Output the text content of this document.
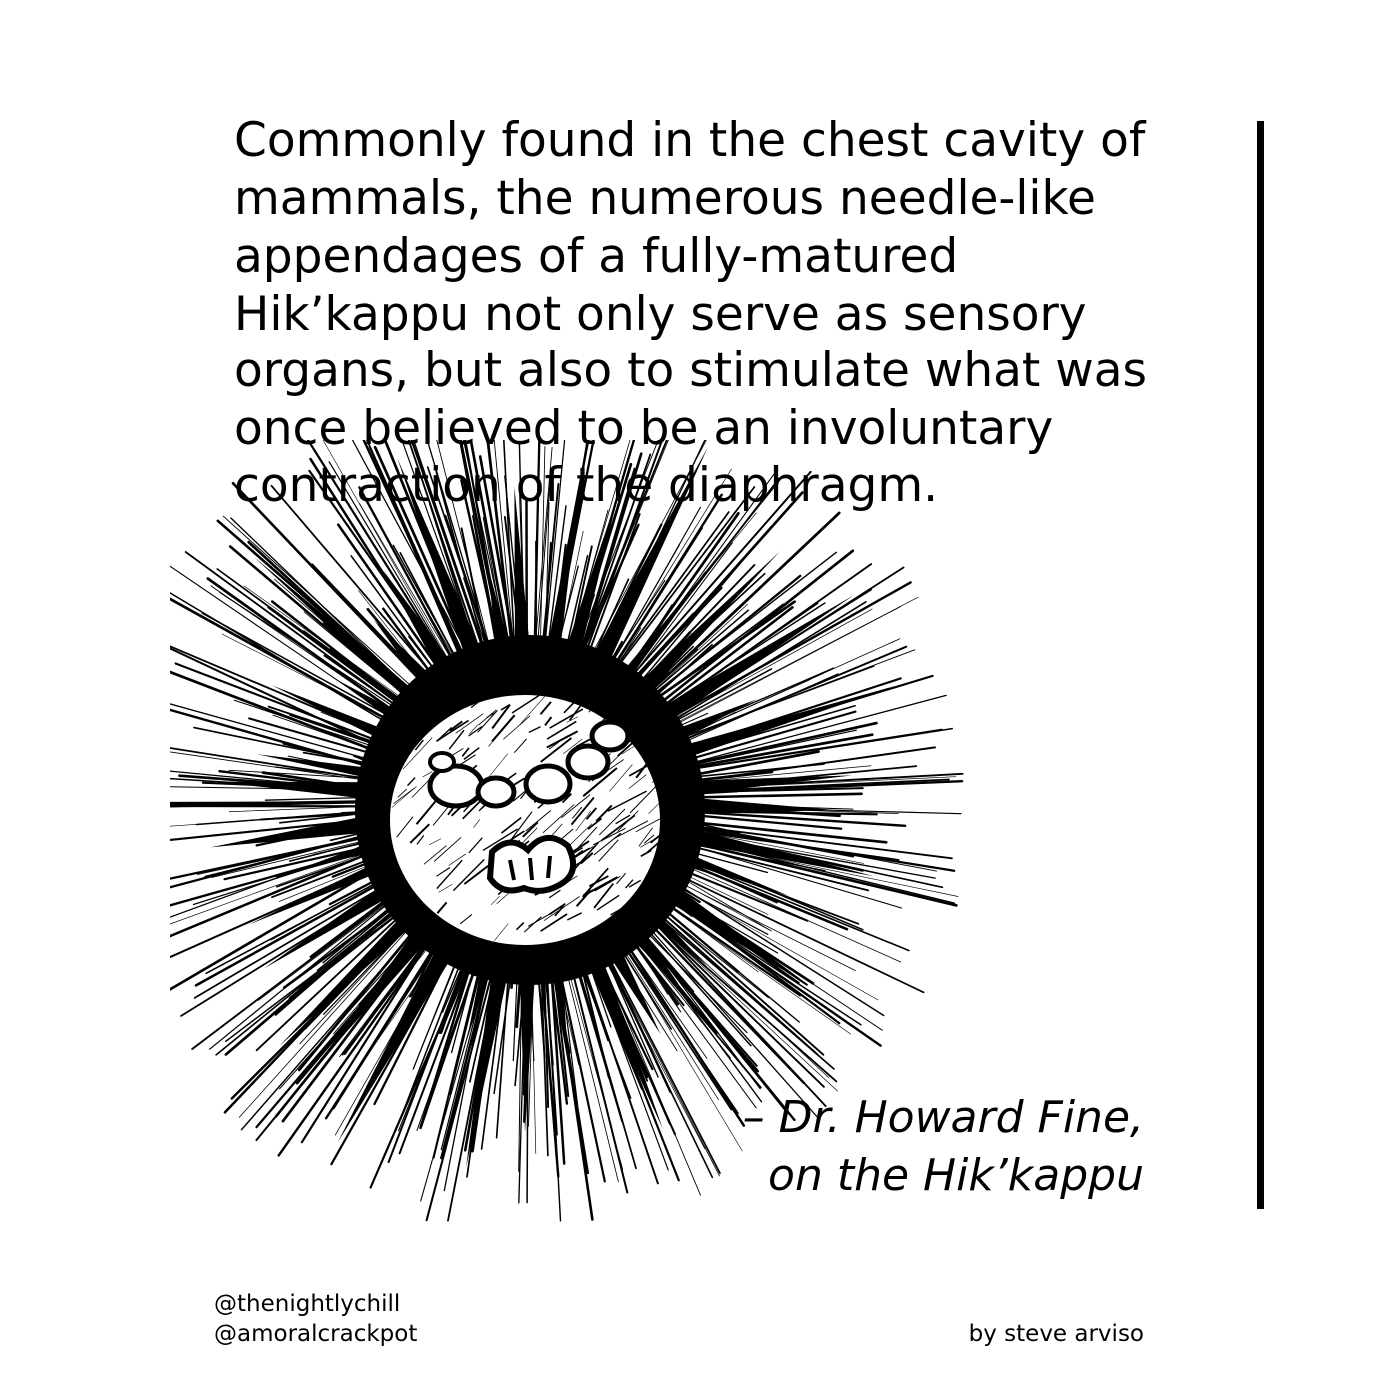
Commonly found in the chest cavity of

mammals, the numerous needle-like

appendages of a fully-matured

Hik’kappu not only serve as sensory

organs, but also to stimulate what was

once believed to be an involuntary

contraction of the diaphragm.

– Dr. Howard Fine,

on the Hik’kappu

@thenightlychill

@amoralcrackpot	by steve arviso
